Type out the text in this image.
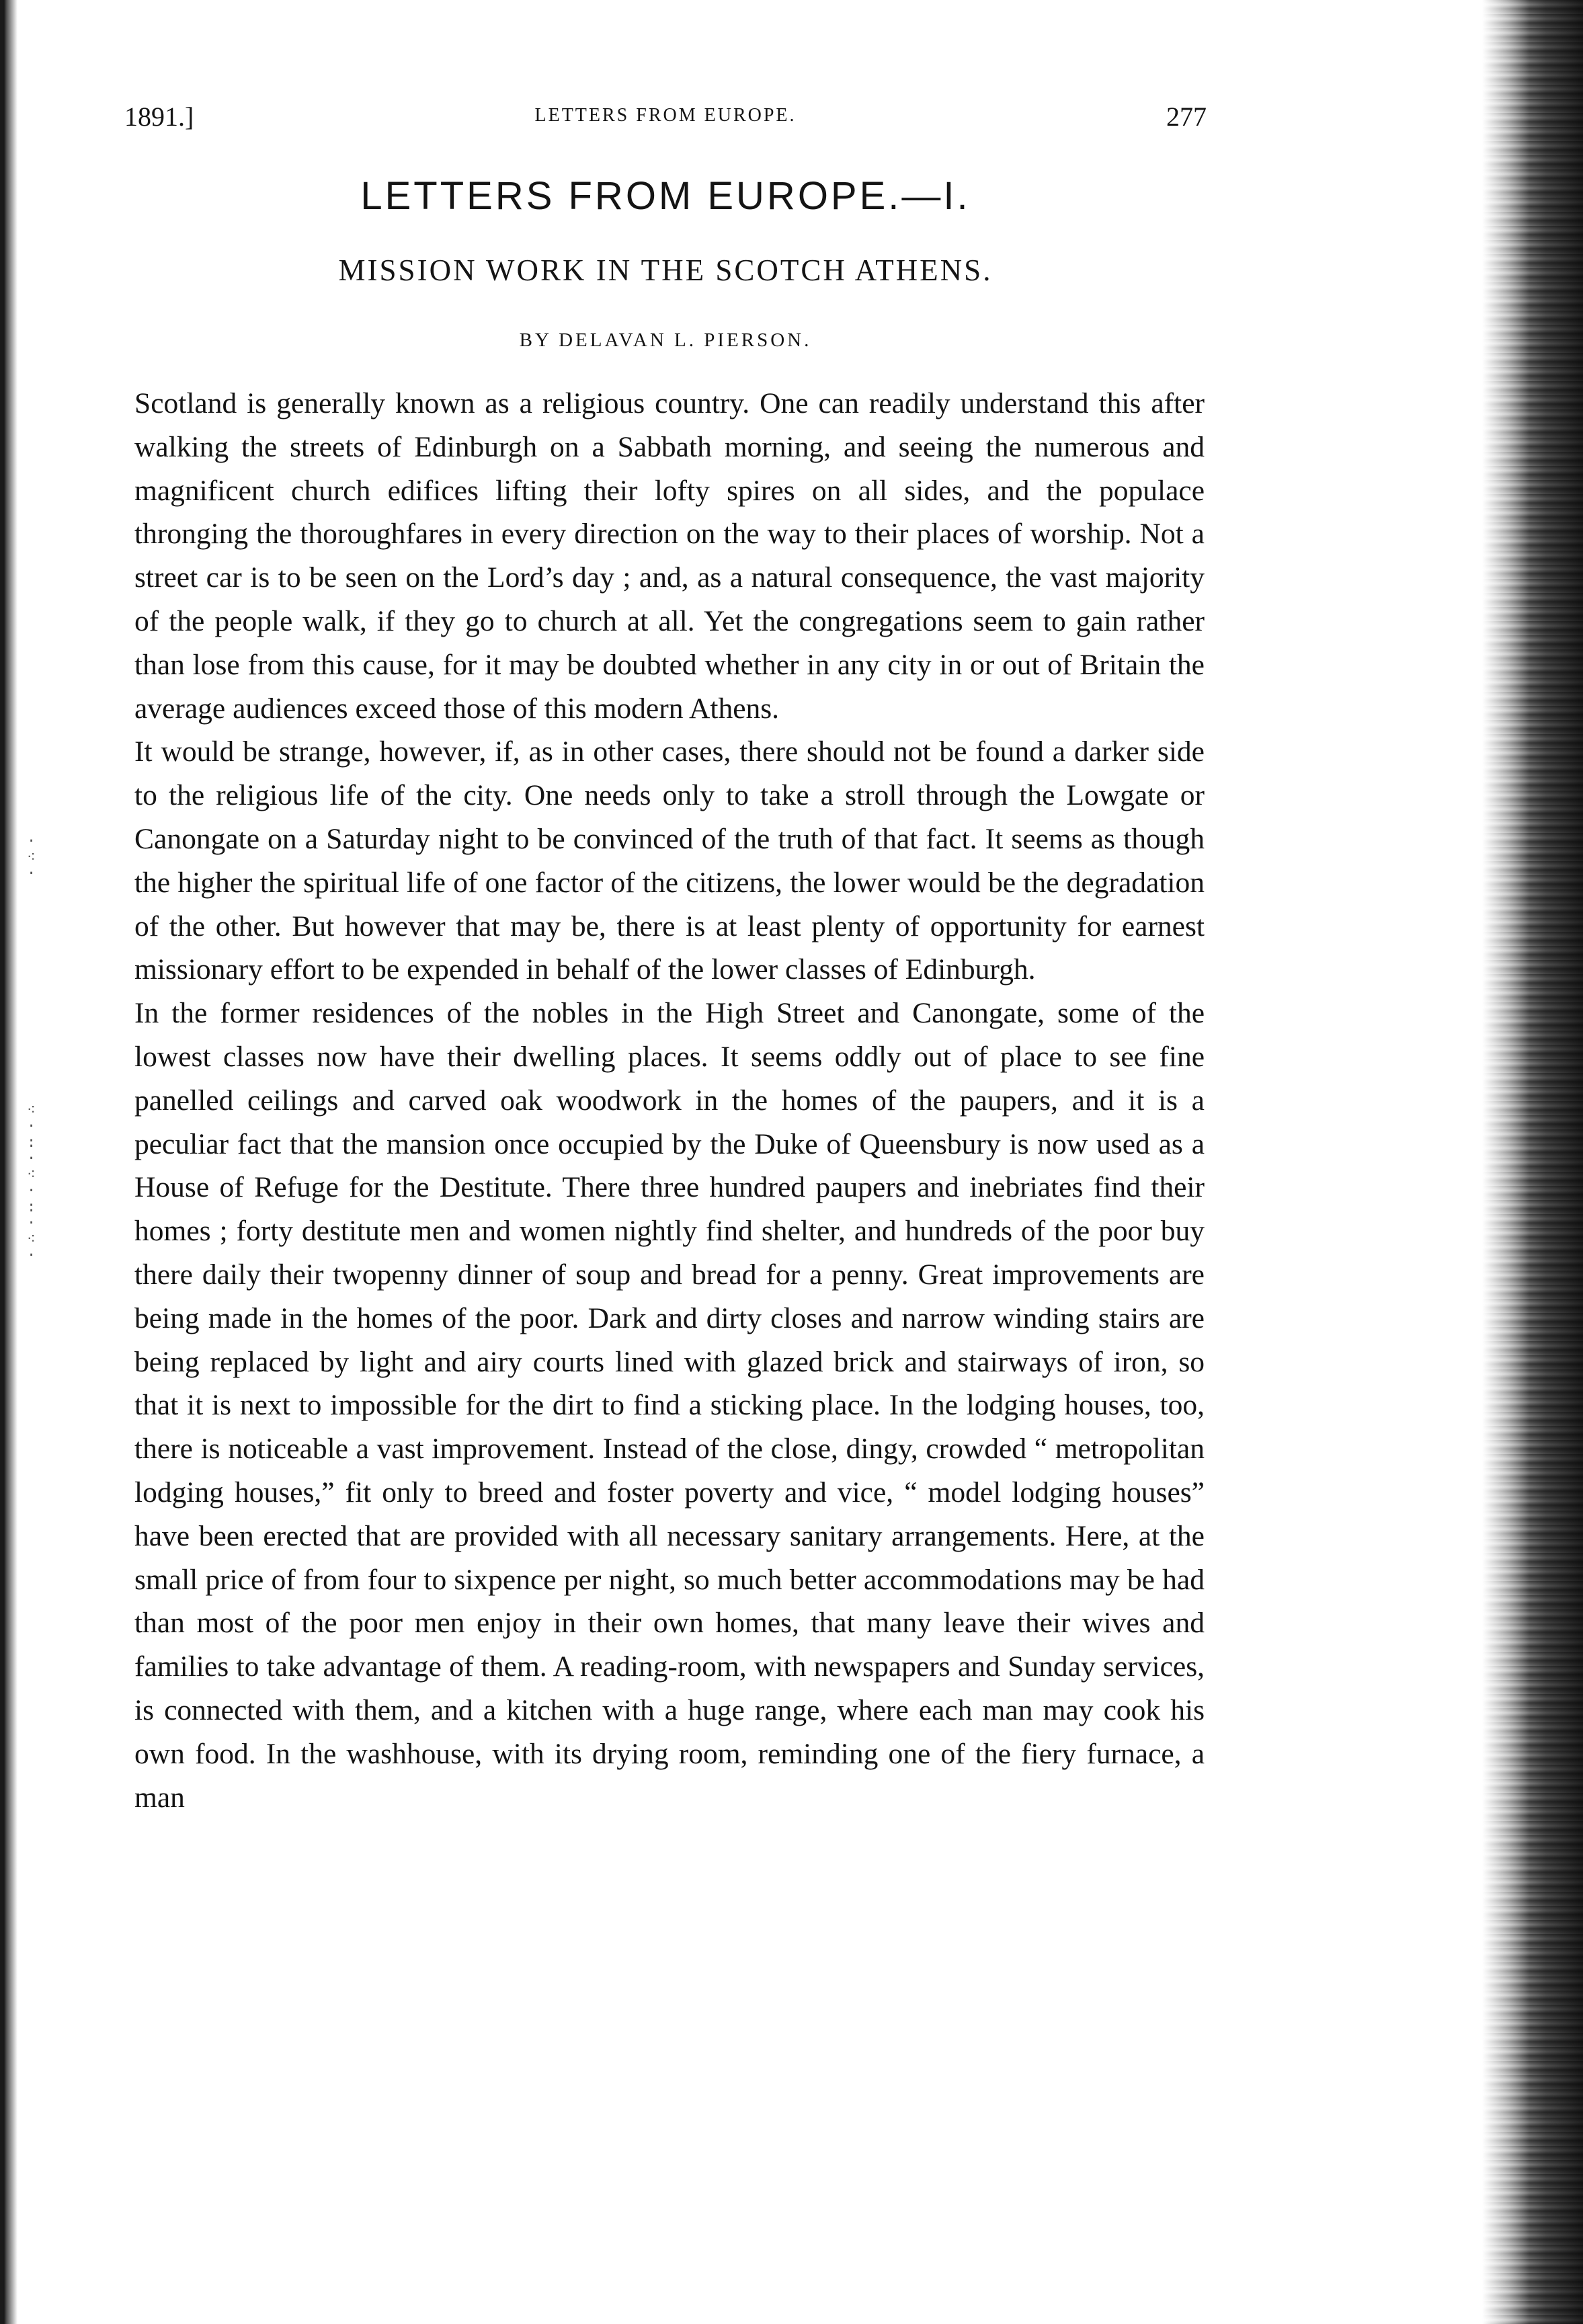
·
⁖
·
⁖
·
:
·
⁖
·
:
·
⁖
·
1891.]	LETTERS FROM EUROPE.	277
LETTERS FROM EUROPE.—I.
MISSION WORK IN THE SCOTCH ATHENS.
BY DELAVAN L. PIERSON.

Scotland is generally known as a religious country. One can readily understand this after walking the streets of Edinburgh on a Sabbath morning, and seeing the numerous and magnificent church edifices lifting their lofty spires on all sides, and the populace thronging the thoroughfares in every direction on the way to their places of worship. Not a street car is to be seen on the Lord’s day ; and, as a natural consequence, the vast majority of the people walk, if they go to church at all. Yet the congregations seem to gain rather than lose from this cause, for it may be doubted whether in any city in or out of Britain the average audiences exceed those of this modern Athens.

It would be strange, however, if, as in other cases, there should not be found a darker side to the religious life of the city. One needs only to take a stroll through the Lowgate or Canongate on a Saturday night to be convinced of the truth of that fact. It seems as though the higher the spiritual life of one factor of the citizens, the lower would be the degradation of the other. But however that may be, there is at least plenty of opportunity for earnest missionary effort to be expended in behalf of the lower classes of Edinburgh.

In the former residences of the nobles in the High Street and Canongate, some of the lowest classes now have their dwelling places. It seems oddly out of place to see fine panelled ceilings and carved oak woodwork in the homes of the paupers, and it is a peculiar fact that the mansion once occupied by the Duke of Queensbury is now used as a House of Refuge for the Destitute. There three hundred paupers and inebriates find their homes ; forty destitute men and women nightly find shelter, and hundreds of the poor buy there daily their twopenny dinner of soup and bread for a penny. Great improvements are being made in the homes of the poor. Dark and dirty closes and narrow winding stairs are being replaced by light and airy courts lined with glazed brick and stairways of iron, so that it is next to impossible for the dirt to find a sticking place. In the lodging houses, too, there is noticeable a vast improvement. Instead of the close, dingy, crowded “ metropolitan lodging houses,” fit only to breed and foster poverty and vice, “ model lodging houses” have been erected that are provided with all necessary sanitary arrangements. Here, at the small price of from four to sixpence per night, so much better accommodations may be had than most of the poor men enjoy in their own homes, that many leave their wives and families to take advantage of them. A reading-room, with newspapers and Sunday services, is connected with them, and a kitchen with a huge range, where each man may cook his own food. In the washhouse, with its drying room, reminding one of the fiery furnace, a man
